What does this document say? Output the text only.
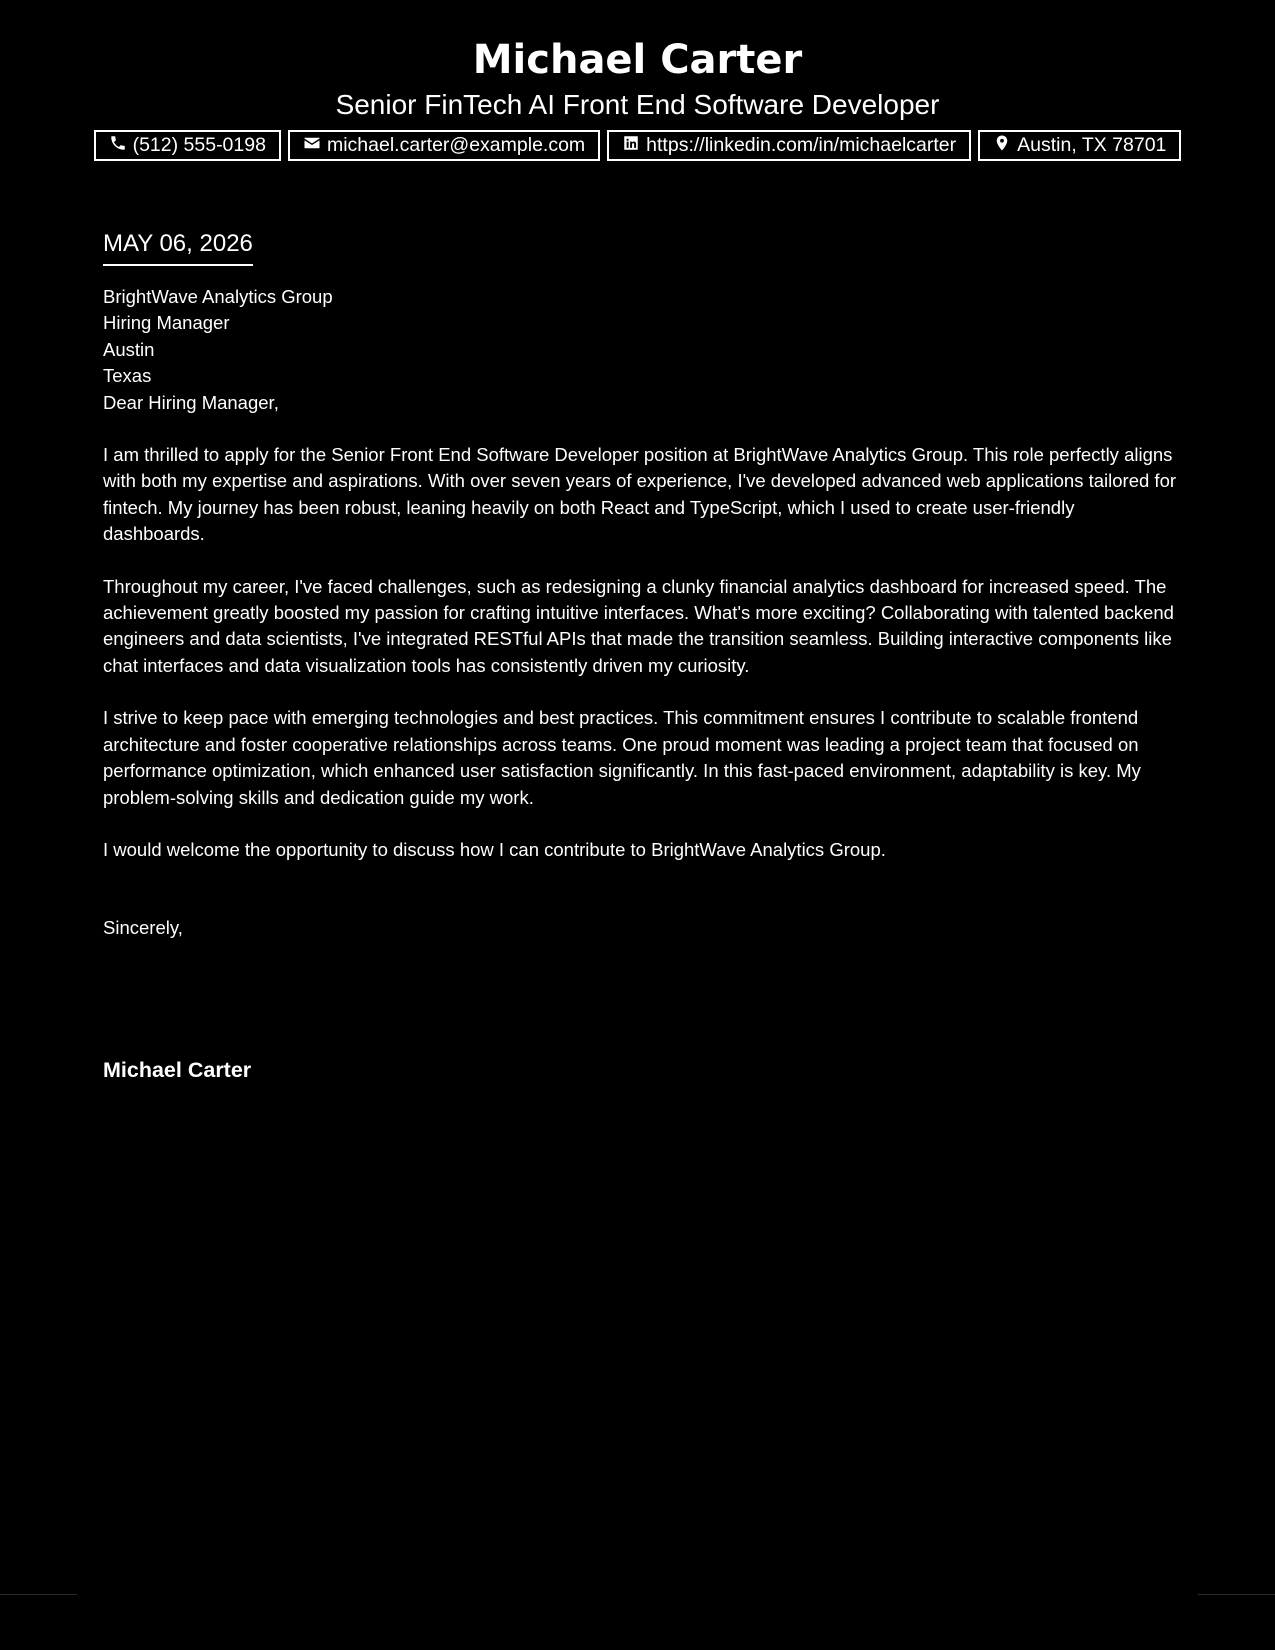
Michael Carter
Senior FinTech AI Front End Software Developer
(512) 555-0198	michael.carter@example.com	https://linkedin.com/in/michaelcarter	Austin, TX 78701
MAY 06, 2026
BrightWave Analytics Group
Hiring Manager
Austin
Texas
Dear Hiring Manager,

I am thrilled to apply for the Senior Front End Software Developer position at BrightWave Analytics Group. This role perfectly aligns with both my expertise and aspirations. With over seven years of experience, I've developed advanced web applications tailored for fintech. My journey has been robust, leaning heavily on both React and TypeScript, which I used to create user-friendly dashboards.

Throughout my career, I've faced challenges, such as redesigning a clunky financial analytics dashboard for increased speed. The achievement greatly boosted my passion for crafting intuitive interfaces. What's more exciting? Collaborating with talented backend engineers and data scientists, I've integrated RESTful APIs that made the transition seamless. Building interactive components like chat interfaces and data visualization tools has consistently driven my curiosity.

I strive to keep pace with emerging technologies and best practices. This commitment ensures I contribute to scalable frontend architecture and foster cooperative relationships across teams. One proud moment was leading a project team that focused on performance optimization, which enhanced user satisfaction significantly. In this fast-paced environment, adaptability is key. My problem-solving skills and dedication guide my work.

I would welcome the opportunity to discuss how I can contribute to BrightWave Analytics Group.

Sincerely,
Michael Carter
